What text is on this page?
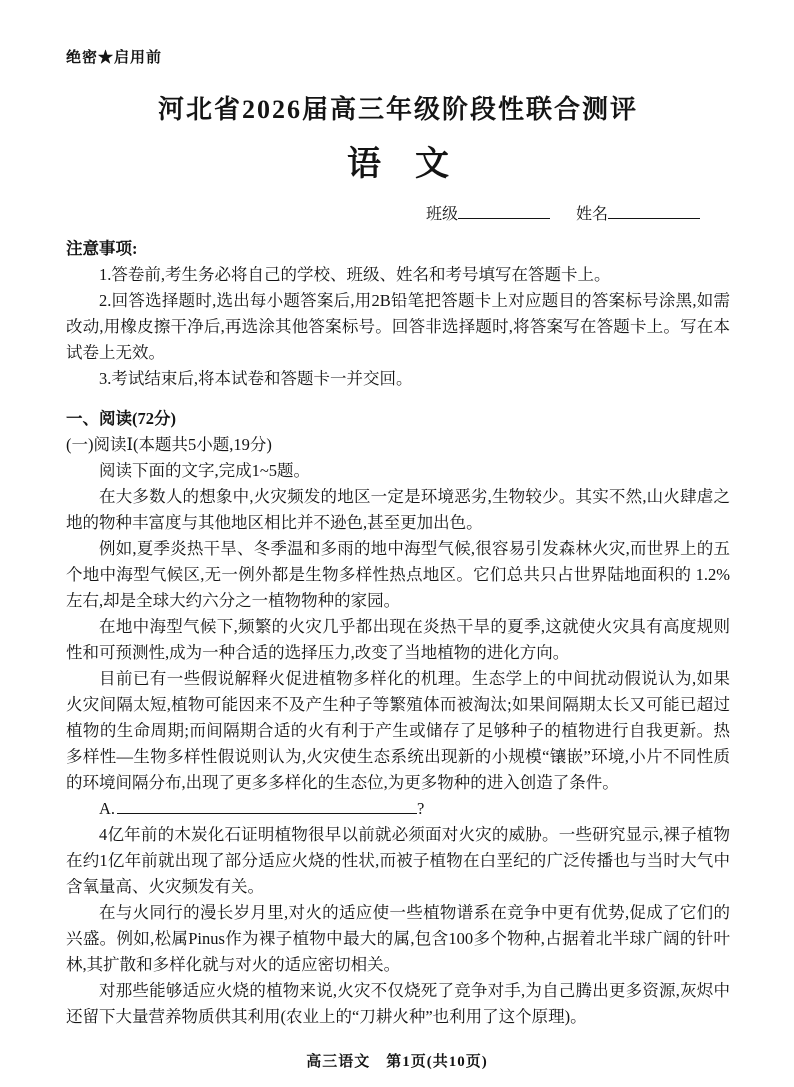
绝密★启用前
河北省2026届高三年级阶段性联合测评
语　文
班级	姓名
注意事项:

1.答卷前,考生务必将自己的学校、班级、姓名和考号填写在答题卡上。

2.回答选择题时,选出每小题答案后,用2B铅笔把答题卡上对应题目的答案标号涂黑,如需改动,用橡皮擦干净后,再选涂其他答案标号。回答非选择题时,将答案写在答题卡上。写在本试卷上无效。

3.考试结束后,将本试卷和答题卡一并交回。

一、阅读(72分)
(一)阅读Ⅰ(本题共5小题,19分)

阅读下面的文字,完成1~5题。

在大多数人的想象中,火灾频发的地区一定是环境恶劣,生物较少。其实不然,山火肆虐之地的物种丰富度与其他地区相比并不逊色,甚至更加出色。

例如,夏季炎热干旱、冬季温和多雨的地中海型气候,很容易引发森林火灾,而世界上的五个地中海型气候区,无一例外都是生物多样性热点地区。它们总共只占世界陆地面积的 1.2%左右,却是全球大约六分之一植物物种的家园。

在地中海型气候下,频繁的火灾几乎都出现在炎热干旱的夏季,这就使火灾具有高度规则性和可预测性,成为一种合适的选择压力,改变了当地植物的进化方向。

目前已有一些假说解释火促进植物多样化的机理。生态学上的中间扰动假说认为,如果火灾间隔太短,植物可能因来不及产生种子等繁殖体而被淘汰;如果间隔期太长又可能已超过植物的生命周期;而间隔期合适的火有利于产生或储存了足够种子的植物进行自我更新。热多样性—生物多样性假说则认为,火灾使生态系统出现新的小规模“镶嵌”环境,小片不同性质的环境间隔分布,出现了更多多样化的生态位,为更多物种的进入创造了条件。

A.	?

4亿年前的木炭化石证明植物很早以前就必须面对火灾的威胁。一些研究显示,裸子植物在约1亿年前就出现了部分适应火烧的性状,而被子植物在白垩纪的广泛传播也与当时大气中含氧量高、火灾频发有关。

在与火同行的漫长岁月里,对火的适应使一些植物谱系在竞争中更有优势,促成了它们的兴盛。例如,松属Pinus作为裸子植物中最大的属,包含100多个物种,占据着北半球广阔的针叶林,其扩散和多样化就与对火的适应密切相关。

对那些能够适应火烧的植物来说,火灾不仅烧死了竞争对手,为自己腾出更多资源,灰烬中还留下大量营养物质供其利用(农业上的“刀耕火种”也利用了这个原理)。

高三语文　第1页(共10页)
